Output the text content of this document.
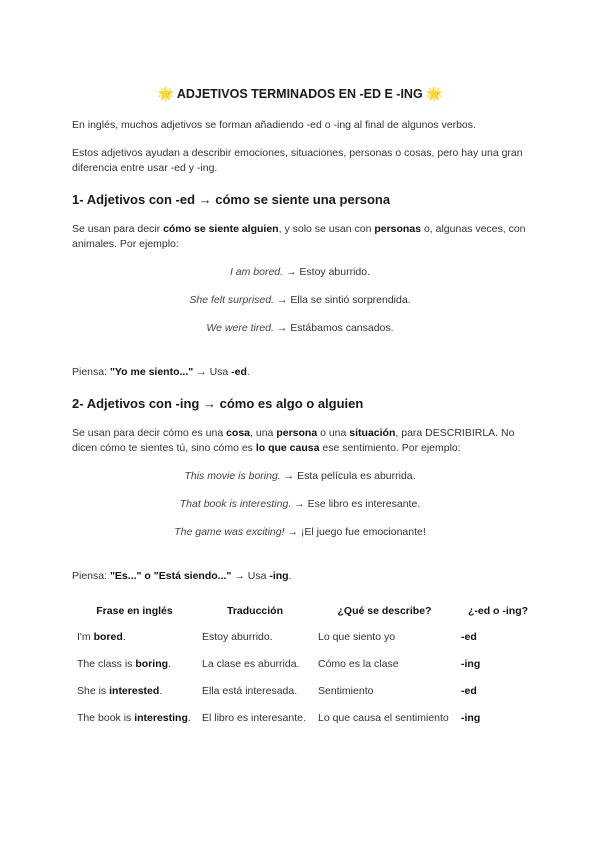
🌟 ADJETIVOS TERMINADOS EN -ED E -ING 🌟

En inglés, muchos adjetivos se forman añadiendo -ed o -ing al final de algunos verbos.

Estos adjetivos ayudan a describir emociones, situaciones, personas o cosas, pero hay una gran diferencia entre usar -ed y -ing.

1- Adjetivos con -ed → cómo se siente una persona

Se usan para decir cómo se siente alguien, y solo se usan con personas o, algunas veces, con animales. Por ejemplo:

I am bored. → Estoy aburrido.
She felt surprised. → Ella se sintió sorprendida.
We were tired. → Estábamos cansados.

Piensa: "Yo me siento..." → Usa -ed.

2- Adjetivos con -ing → cómo es algo o alguien

Se usan para decir cómo es una cosa, una persona o una situación, para DESCRIBIRLA. No dicen cómo te sientes tú, sino cómo es lo que causa ese sentimiento. Por ejemplo:

This movie is boring. → Esta película es aburrida.
That book is interesting. → Ese libro es interesante.
The game was exciting! → ¡El juego fue emocionante!

Piensa: "Es..." o "Está siendo..." → Usa -ing.

Frase en inglés	Traducción	¿Qué se describe?	¿-ed o -ing?
I'm bored.	Estoy aburrido.	Lo que siento yo	-ed
The class is boring.	La clase es aburrida.	Cómo es la clase	-ing
She is interested.	Ella está interesada.	Sentimiento	-ed
The book is interesting.	El libro es interesante.	Lo que causa el sentimiento	-ing
